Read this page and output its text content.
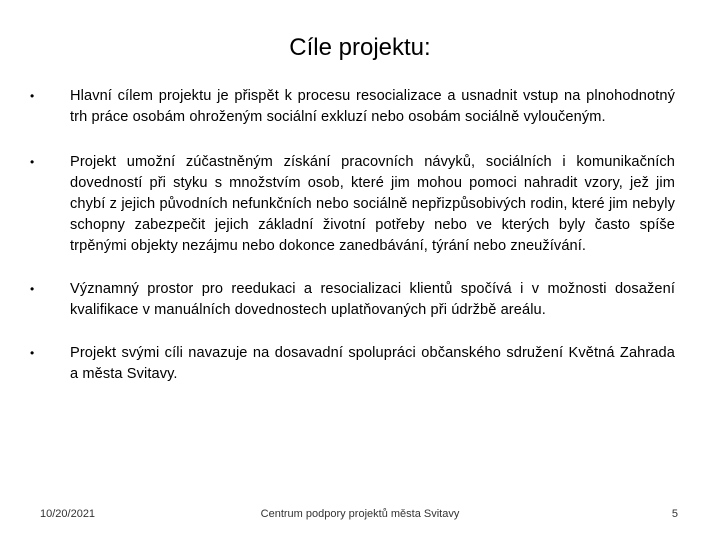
Cíle projektu:
• Hlavní cílem projektu je přispět k procesu resocializace a usnadnit vstup na plnohodnotný trh práce osobám ohroženým sociální exkluzí nebo osobám sociálně vyloučeným.
• Projekt umožní zúčastněným získání pracovních návyků, sociálních i komunikačních dovedností při styku s množstvím osob, které jim mohou pomoci nahradit vzory, jež jim chybí z jejich původních nefunkčních nebo sociálně nepřizpůsobivých rodin, které jim nebyly schopny zabezpečit jejich základní životní potřeby nebo ve kterých byly často spíše trpěnými objekty nezájmu nebo dokonce zanedbávání, týrání nebo zneužívání.
• Významný prostor pro reedukaci a resocializaci klientů spočívá i v možnosti dosažení kvalifikace v manuálních dovednostech uplatňovaných při údržbě areálu.
• Projekt svými cíli navazuje na dosavadní spolupráci občanského sdružení Květná Zahrada a města Svitavy.
10/20/2021	Centrum podpory projektů města Svitavy	5
